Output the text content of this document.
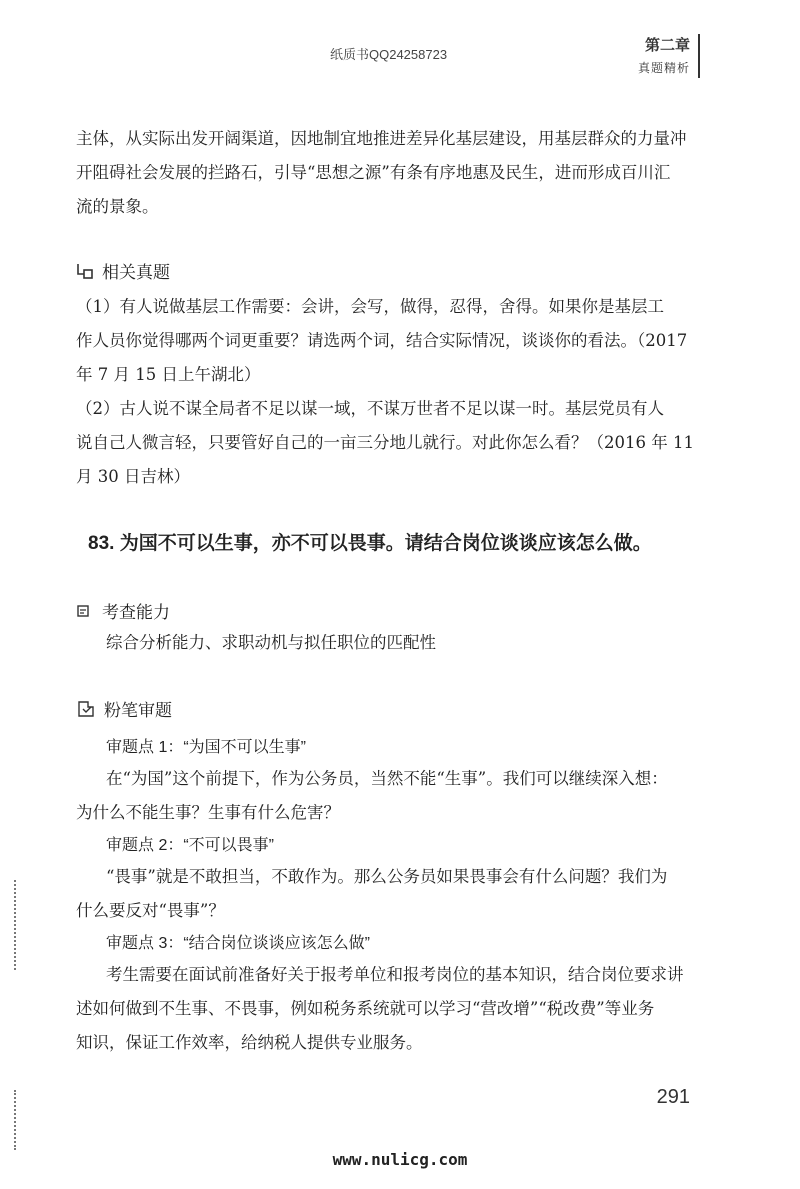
纸质书QQ24258723
第二章
真题精析
主体，从实际出发开阔渠道，因地制宜地推进差异化基层建设，用基层群众的力量冲
开阻碍社会发展的拦路石，引导“思想之源”有条有序地惠及民生，进而形成百川汇
流的景象。
相关真题
（1）有人说做基层工作需要：会讲，会写，做得，忍得，舍得。如果你是基层工
作人员你觉得哪两个词更重要？请选两个词，结合实际情况，谈谈你的看法。（2017
年 7 月 15 日上午湖北）
（2）古人说不谋全局者不足以谋一域，不谋万世者不足以谋一时。基层党员有人
说自己人微言轻，只要管好自己的一亩三分地儿就行。对此你怎么看？（2016 年 11
月 30 日吉林）
83. 为国不可以生事，亦不可以畏事。请结合岗位谈谈应该怎么做。
考查能力
综合分析能力、求职动机与拟任职位的匹配性
粉笔审题
审题点 1：“为国不可以生事”
在“为国”这个前提下，作为公务员，当然不能“生事”。我们可以继续深入想：
为什么不能生事？生事有什么危害？
审题点 2：“不可以畏事”
“畏事”就是不敢担当，不敢作为。那么公务员如果畏事会有什么问题？我们为
什么要反对“畏事”？
审题点 3：“结合岗位谈谈应该怎么做”
考生需要在面试前准备好关于报考单位和报考岗位的基本知识，结合岗位要求讲
述如何做到不生事、不畏事，例如税务系统就可以学习“营改增”“税改费”等业务
知识，保证工作效率，给纳税人提供专业服务。
291
www.nulicg.com
